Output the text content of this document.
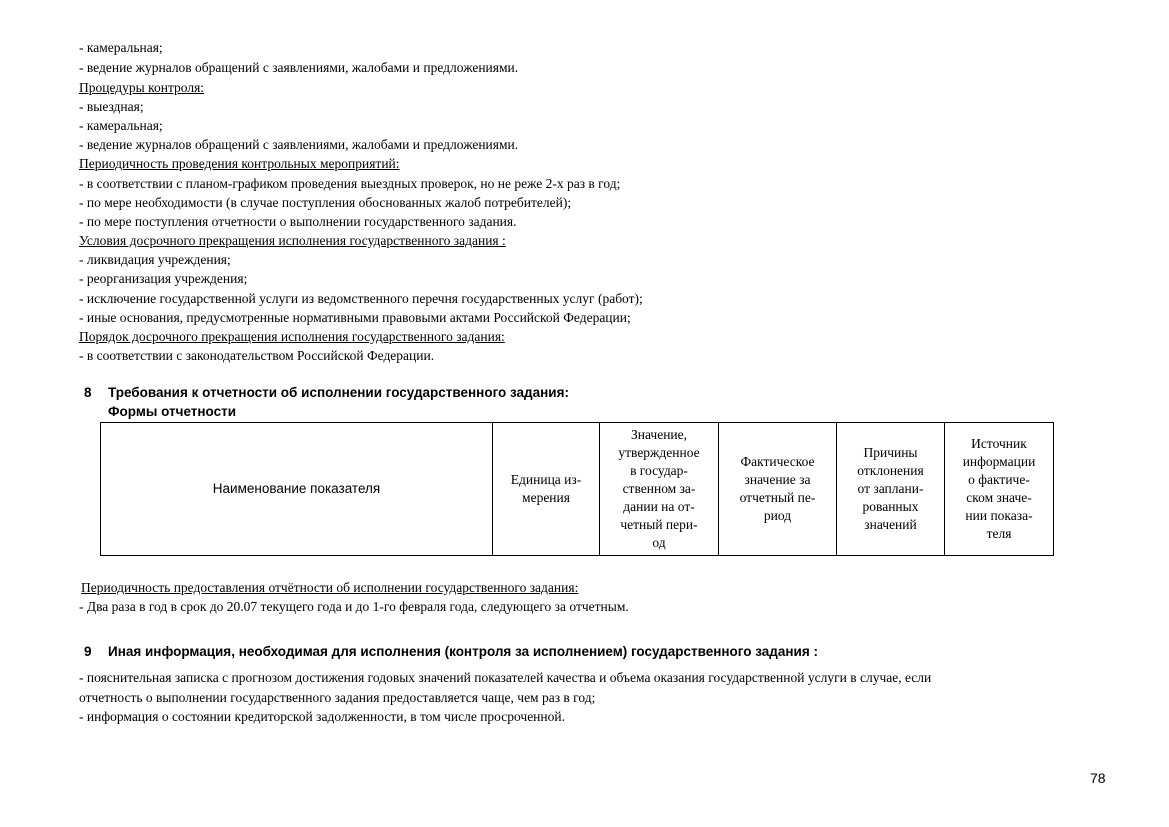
- камеральная;
- ведение журналов обращений с заявлениями, жалобами и предложениями.
Процедуры контроля:
- выездная;
- камеральная;
- ведение журналов обращений с заявлениями, жалобами и предложениями.
Периодичность проведения контрольных мероприятий:
- в соответствии с планом-графиком проведения выездных проверок, но не реже 2-х раз в год;
- по мере необходимости (в случае поступления обоснованных жалоб потребителей);
- по мере поступления отчетности о выполнении государственного задания.
Условия досрочного прекращения исполнения государственного задания :
- ликвидация учреждения;
- реорганизация учреждения;
- исключение государственной услуги из ведомственного перечня государственных услуг (работ);
- иные основания, предусмотренные нормативными правовыми актами Российской Федерации;
Порядок досрочного прекращения исполнения государственного задания:
- в соответствии с законодательством Российской Федерации.
8 Требования к отчетности об исполнении государственного задания:
Формы отчетности
Наименование показателя	Единица из-
мерения	Значение,
утвержденное
в государ-
ственном за-
дании на от-
четный пери-
од	Фактическое
значение за
отчетный пе-
риод	Причины
отклонения
от заплани-
рованных
значений	Источник
информации
о фактиче-
ском значе-
нии показа-
теля
Периодичность предоставления отчётности об исполнении государственного задания:
- Два раза в год в срок до 20.07 текущего года и до 1-го февраля года, следующего за отчетным.
9 Иная информация, необходимая для исполнения (контроля за исполнением) государственного задания :
- пояснительная записка с прогнозом достижения годовых значений показателей качества и объема оказания государственной услуги в случае, если
отчетность о выполнении государственного задания предоставляется чаще, чем раз в год;
- информация о состоянии кредиторской задолженности, в том числе просроченной.
78
